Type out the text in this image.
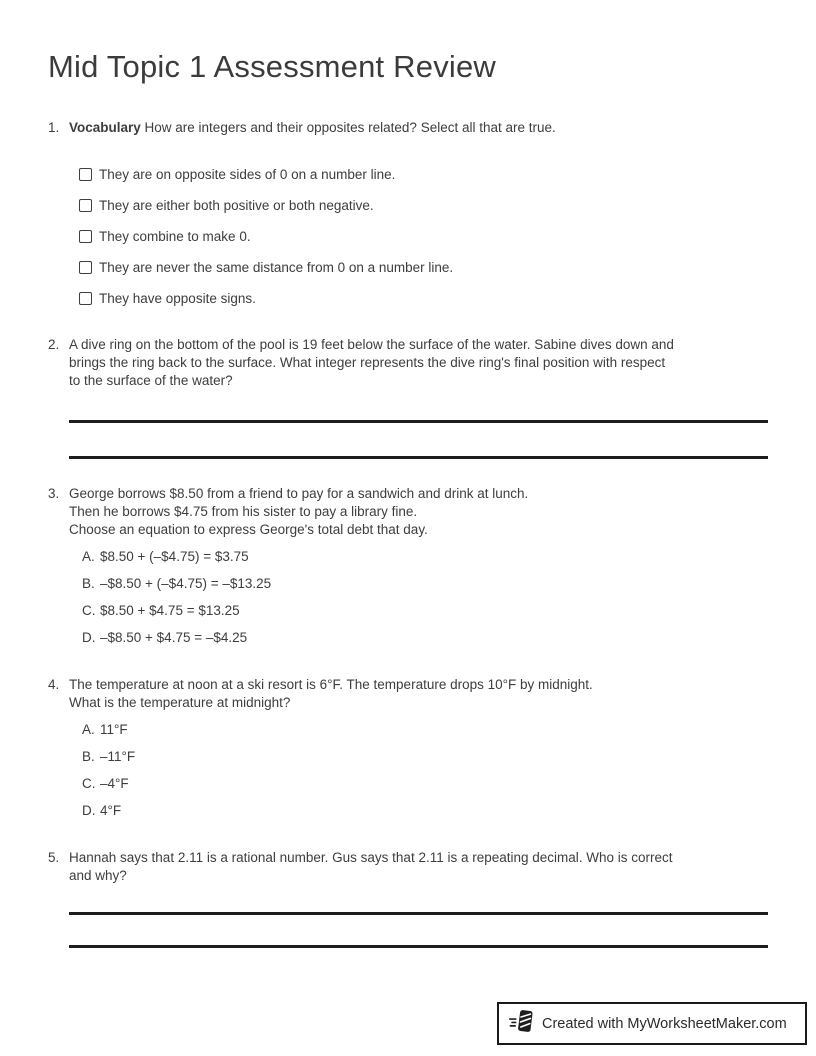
Mid Topic 1 Assessment Review
1. Vocabulary How are integers and their opposites related? Select all that are true.
They are on opposite sides of 0 on a number line.
They are either both positive or both negative.
They combine to make 0.
They are never the same distance from 0 on a number line.
They have opposite signs.
2. A dive ring on the bottom of the pool is 19 feet below the surface of the water. Sabine dives down and
brings the ring back to the surface. What integer represents the dive ring's final position with respect
to the surface of the water?
3. George borrows $8.50 from a friend to pay for a sandwich and drink at lunch.
Then he borrows $4.75 from his sister to pay a library fine.
Choose an equation to express George's total debt that day.
A. $8.50 + (–$4.75) = $3.75
B. –$8.50 + (–$4.75) = –$13.25
C. $8.50 + $4.75 = $13.25
D. –$8.50 + $4.75 = –$4.25
4. The temperature at noon at a ski resort is 6°F. The temperature drops 10°F by midnight.
What is the temperature at midnight?
A. 11°F
B. –11°F
C. –4°F
D. 4°F
5. Hannah says that 2.11 is a rational number. Gus says that 2.11 is a repeating decimal. Who is correct
and why?
Created with MyWorksheetMaker.com
